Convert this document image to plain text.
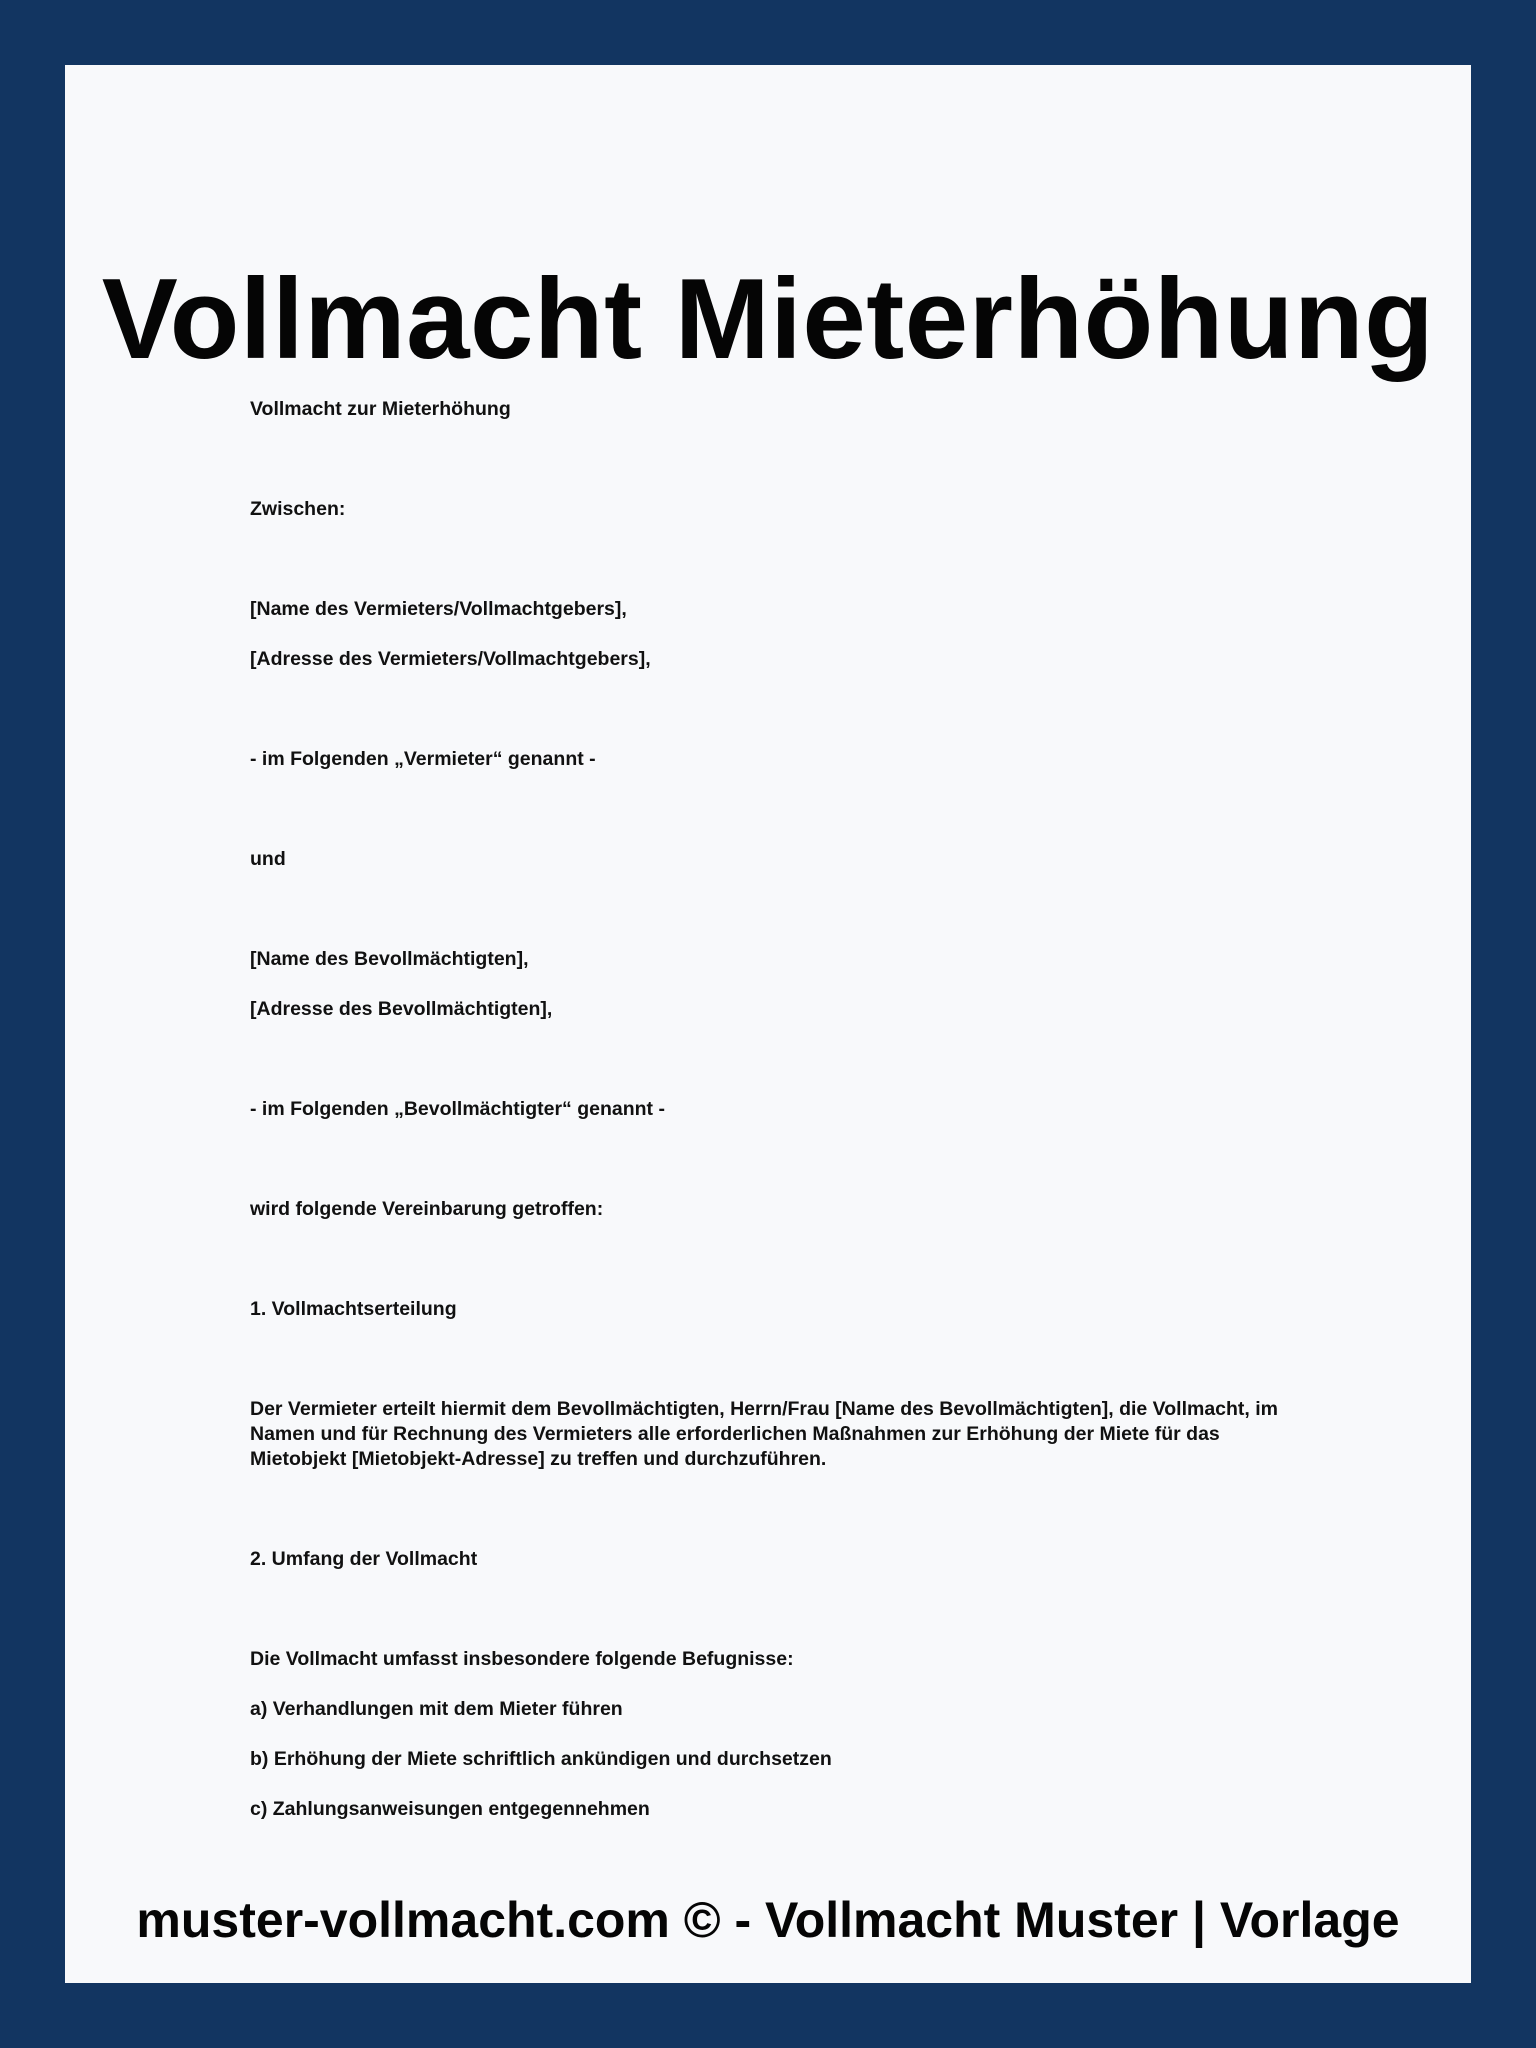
Vollmacht Mieterhöhung

Vollmacht zur Mieterhöhung

Zwischen:

[Name des Vermieters/Vollmachtgebers],

[Adresse des Vermieters/Vollmachtgebers],

- im Folgenden „Vermieter“ genannt -

und

[Name des Bevollmächtigten],

[Adresse des Bevollmächtigten],

- im Folgenden „Bevollmächtigter“ genannt -

wird folgende Vereinbarung getroffen:

1. Vollmachtserteilung

Der Vermieter erteilt hiermit dem Bevollmächtigten, Herrn/Frau [Name des Bevollmächtigten], die Vollmacht, im Namen und für Rechnung des Vermieters alle erforderlichen Maßnahmen zur Erhöhung der Miete für das Mietobjekt [Mietobjekt-Adresse] zu treffen und durchzuführen.

2. Umfang der Vollmacht

Die Vollmacht umfasst insbesondere folgende Befugnisse:

a) Verhandlungen mit dem Mieter führen

b) Erhöhung der Miete schriftlich ankündigen und durchsetzen

c) Zahlungsanweisungen entgegennehmen

muster-vollmacht.com © - Vollmacht Muster | Vorlage
